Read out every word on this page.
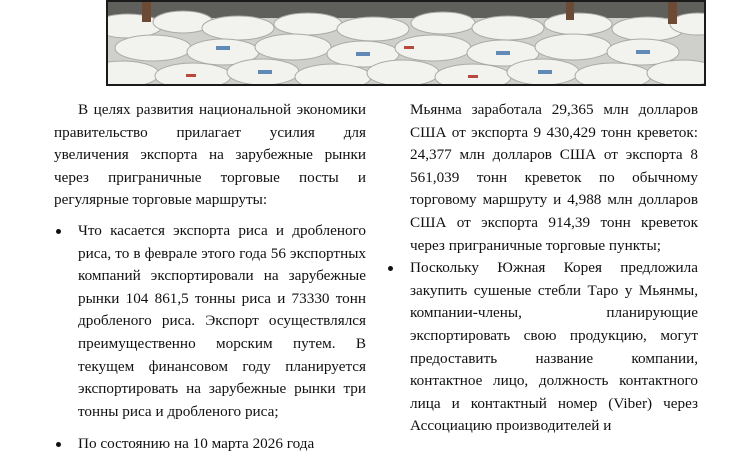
В целях развития национальной экономики правительство прилагает усилия для увеличения экспорта на зарубежные рынки через приграничные торговые посты и регулярные торговые маршруты:

Что касается экспорта риса и дробленого риса, то в феврале этого года 56 экспортных компаний экспортировали на зарубежные рынки 104 861,5 тонны риса и 73330 тонн дробленого риса. Экспорт осуществлялся преимущественно морским путем. В текущем финансовом году планируется экспортировать на зарубежные рынки три тонны риса и дробленого риса;
По состоянию на 10 марта 2026 года

Мьянма заработала 29,365 млн долларов США от экспорта 9 430,429 тонн креветок: 24,377 млн долларов США от экспорта 8 561,039 тонн креветок по обычному торговому маршруту и 4,988 млн долларов США от экспорта 914,39 тонн креветок через приграничные торговые пункты;

Поскольку Южная Корея предложила закупить сушеные стебли Таро у Мьянмы, компании-члены, планирующие экспортировать свою продукцию, могут предоставить название компании, контактное лицо, должность контактного лица и контактный номер (Viber) через Ассоциацию производителей и
